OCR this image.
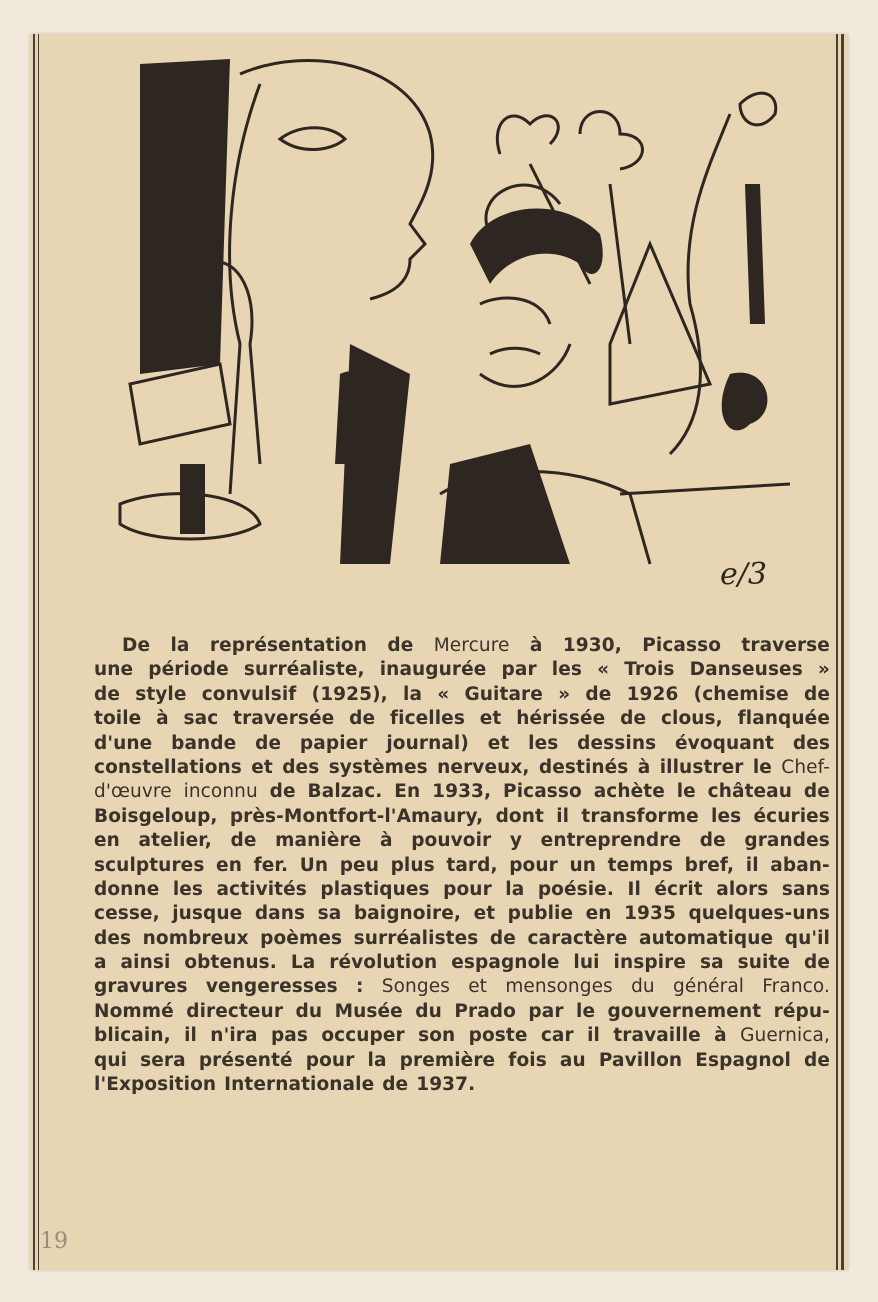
e/3
De la représentation de Mercure à 1930, Picasso traverse
une période surréaliste, inaugurée par les « Trois Danseuses »
de style convulsif (1925), la « Guitare » de 1926 (chemise de
toile à sac traversée de ficelles et hérissée de clous, flanquée
d'une bande de papier journal) et les dessins évoquant des
constellations et des systèmes nerveux, destinés à illustrer le Chef-
d'œuvre inconnu de Balzac. En 1933, Picasso achète le château de
Boisgeloup, près-Montfort-l'Amaury, dont il transforme les écuries
en atelier, de manière à pouvoir y entreprendre de grandes
sculptures en fer. Un peu plus tard, pour un temps bref, il aban-
donne les activités plastiques pour la poésie. Il écrit alors sans
cesse, jusque dans sa baignoire, et publie en 1935 quelques-uns
des nombreux poèmes surréalistes de caractère automatique qu'il
a ainsi obtenus. La révolution espagnole lui inspire sa suite de
gravures vengeresses : Songes et mensonges du général Franco.
Nommé directeur du Musée du Prado par le gouvernement répu-
blicain, il n'ira pas occuper son poste car il travaille à Guernica,
qui sera présenté pour la première fois au Pavillon Espagnol de
l'Exposition Internationale de 1937.
19
